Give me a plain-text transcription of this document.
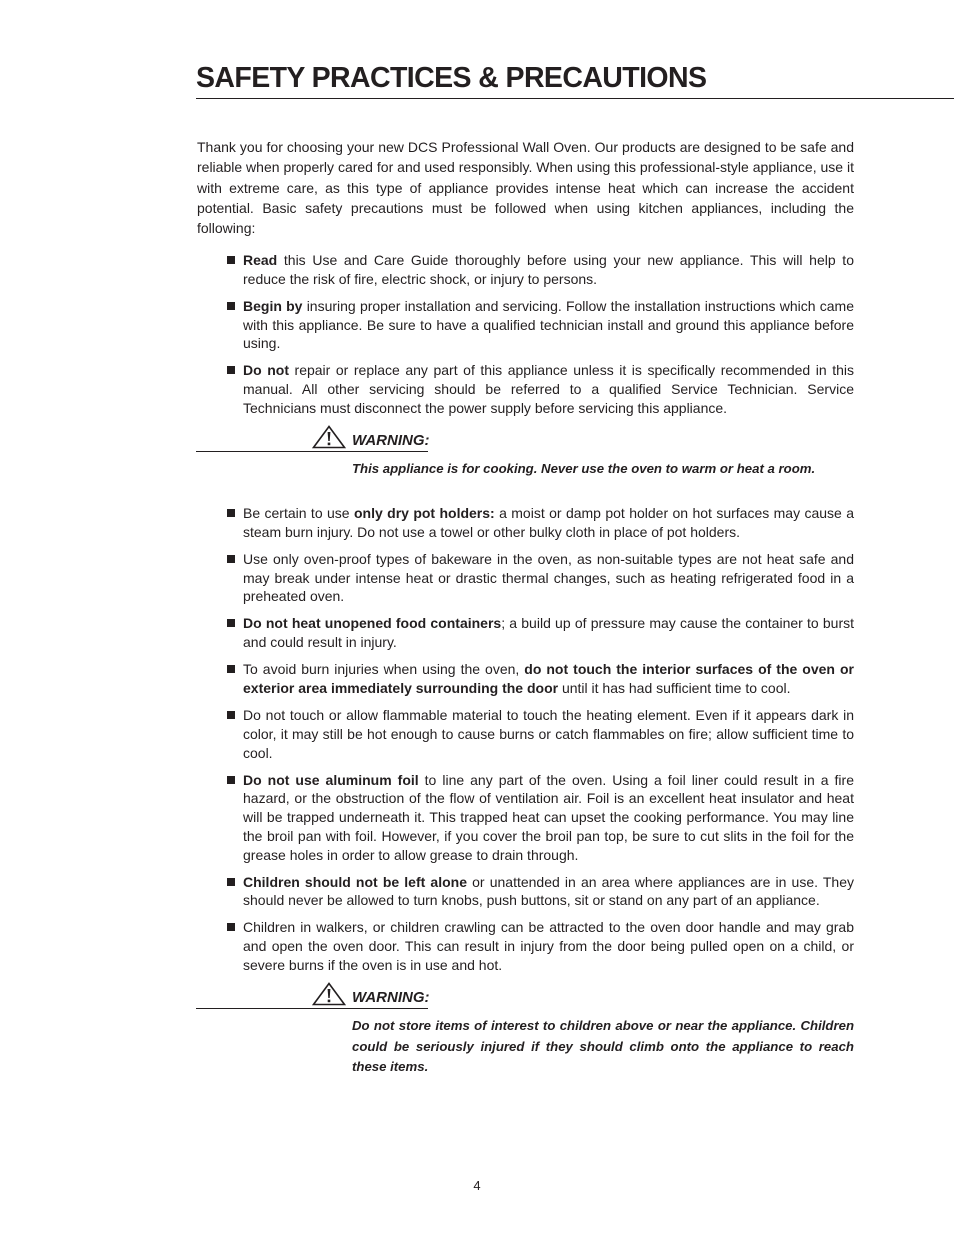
SAFETY PRACTICES & PRECAUTIONS

Thank you for choosing your new DCS Professional Wall Oven. Our products are designed to be safe and reliable when properly cared for and used responsibly. When using this professional-style appliance, use it with extreme care, as this type of appliance provides intense heat which can increase the accident potential. Basic safety precautions must be followed when using kitchen appliances, including the following:

Read this Use and Care Guide thoroughly before using your new appliance. This will help to reduce the risk of fire, electric shock, or injury to persons.
Begin by insuring proper installation and servicing. Follow the installation instructions which came with this appliance. Be sure to have a qualified technician install and ground this appliance before using.
Do not repair or replace any part of this appliance unless it is specifically recommended in this manual. All other servicing should be referred to a qualified Service Technician. Service Technicians must disconnect the power supply before servicing this appliance.
WARNING:

This appliance is for cooking. Never use the oven to warm or heat a room.

Be certain to use only dry pot holders: a moist or damp pot holder on hot surfaces may cause a steam burn injury. Do not use a towel or other bulky cloth in place of pot holders.
Use only oven-proof types of bakeware in the oven, as non-suitable types are not heat safe and may break under intense heat or drastic thermal changes, such as heating refrigerated food in a preheated oven.
Do not heat unopened food containers; a build up of pressure may cause the container to burst and could result in injury.
To avoid burn injuries when using the oven, do not touch the interior surfaces of the oven or exterior area immediately surrounding the door until it has had sufficient time to cool.
Do not touch or allow flammable material to touch the heating element. Even if it appears dark in color, it may still be hot enough to cause burns or catch flammables on fire; allow sufficient time to cool.
Do not use aluminum foil to line any part of the oven. Using a foil liner could result in a fire hazard, or the obstruction of the flow of ventilation air. Foil is an excellent heat insulator and heat will be trapped underneath it. This trapped heat can upset the cooking performance. You may line the broil pan with foil. However, if you cover the broil pan top, be sure to cut slits in the foil for the grease holes in order to allow grease to drain through.
Children should not be left alone or unattended in an area where appliances are in use. They should never be allowed to turn knobs, push buttons, sit or stand on any part of an appliance.
Children in walkers, or children crawling can be attracted to the oven door handle and may grab and open the oven door. This can result in injury from the door being pulled open on a child, or severe burns if the oven is in use and hot.
WARNING:

Do not store items of interest to children above or near the appliance. Children could be seriously injured if they should climb onto the appliance to reach these items.

4
